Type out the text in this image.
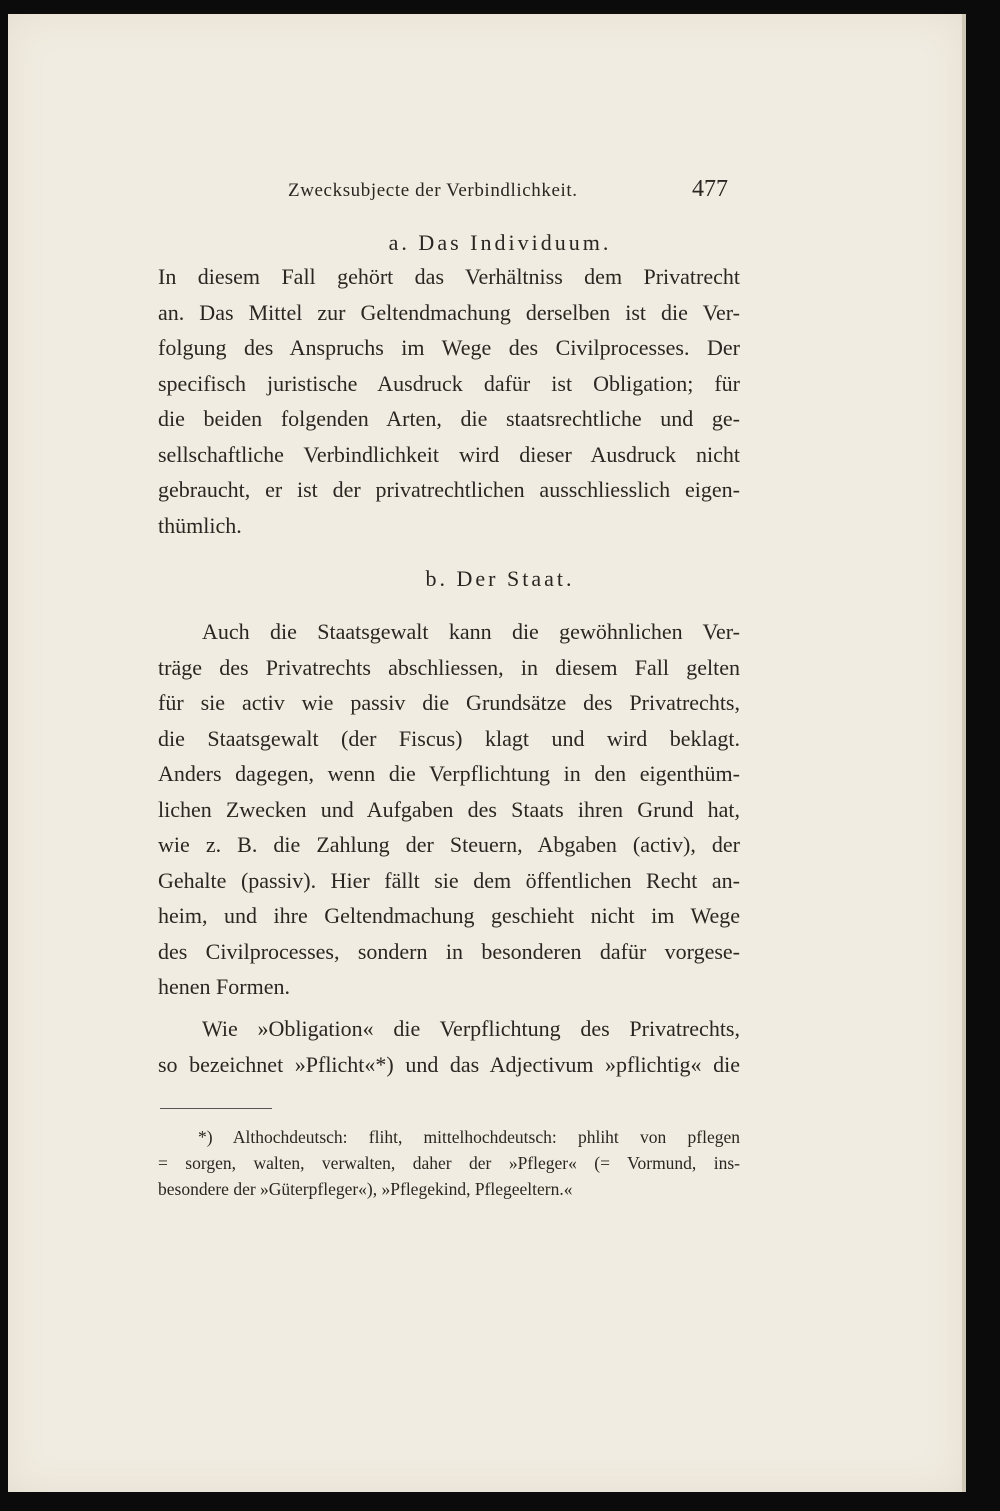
Zwecksubjecte der Verbindlichkeit.	477
a. Das Individuum.
In diesem Fall gehört das Verhältniss dem Privatrecht
an. Das Mittel zur Geltendmachung derselben ist die Ver-
folgung des Anspruchs im Wege des Civilprocesses. Der
specifisch juristische Ausdruck dafür ist Obligation; für
die beiden folgenden Arten, die staatsrechtliche und ge-
sellschaftliche Verbindlichkeit wird dieser Ausdruck nicht
gebraucht, er ist der privatrechtlichen ausschliesslich eigen-
thümlich.
b. Der Staat.
Auch die Staatsgewalt kann die gewöhnlichen Ver-
träge des Privatrechts abschliessen, in diesem Fall gelten
für sie activ wie passiv die Grundsätze des Privatrechts,
die Staatsgewalt (der Fiscus) klagt und wird beklagt.
Anders dagegen, wenn die Verpflichtung in den eigenthüm-
lichen Zwecken und Aufgaben des Staats ihren Grund hat,
wie z. B. die Zahlung der Steuern, Abgaben (activ), der
Gehalte (passiv). Hier fällt sie dem öffentlichen Recht an-
heim, und ihre Geltendmachung geschieht nicht im Wege
des Civilprocesses, sondern in besonderen dafür vorgese-
henen Formen.
Wie »Obligation« die Verpflichtung des Privatrechts,
so bezeichnet »Pflicht«*) und das Adjectivum »pflichtig« die
*) Althochdeutsch: fliht, mittelhochdeutsch: phliht von pflegen
= sorgen, walten, verwalten, daher der »Pfleger« (= Vormund, ins-
besondere der »Güterpfleger«), »Pflegekind, Pflegeeltern.«
